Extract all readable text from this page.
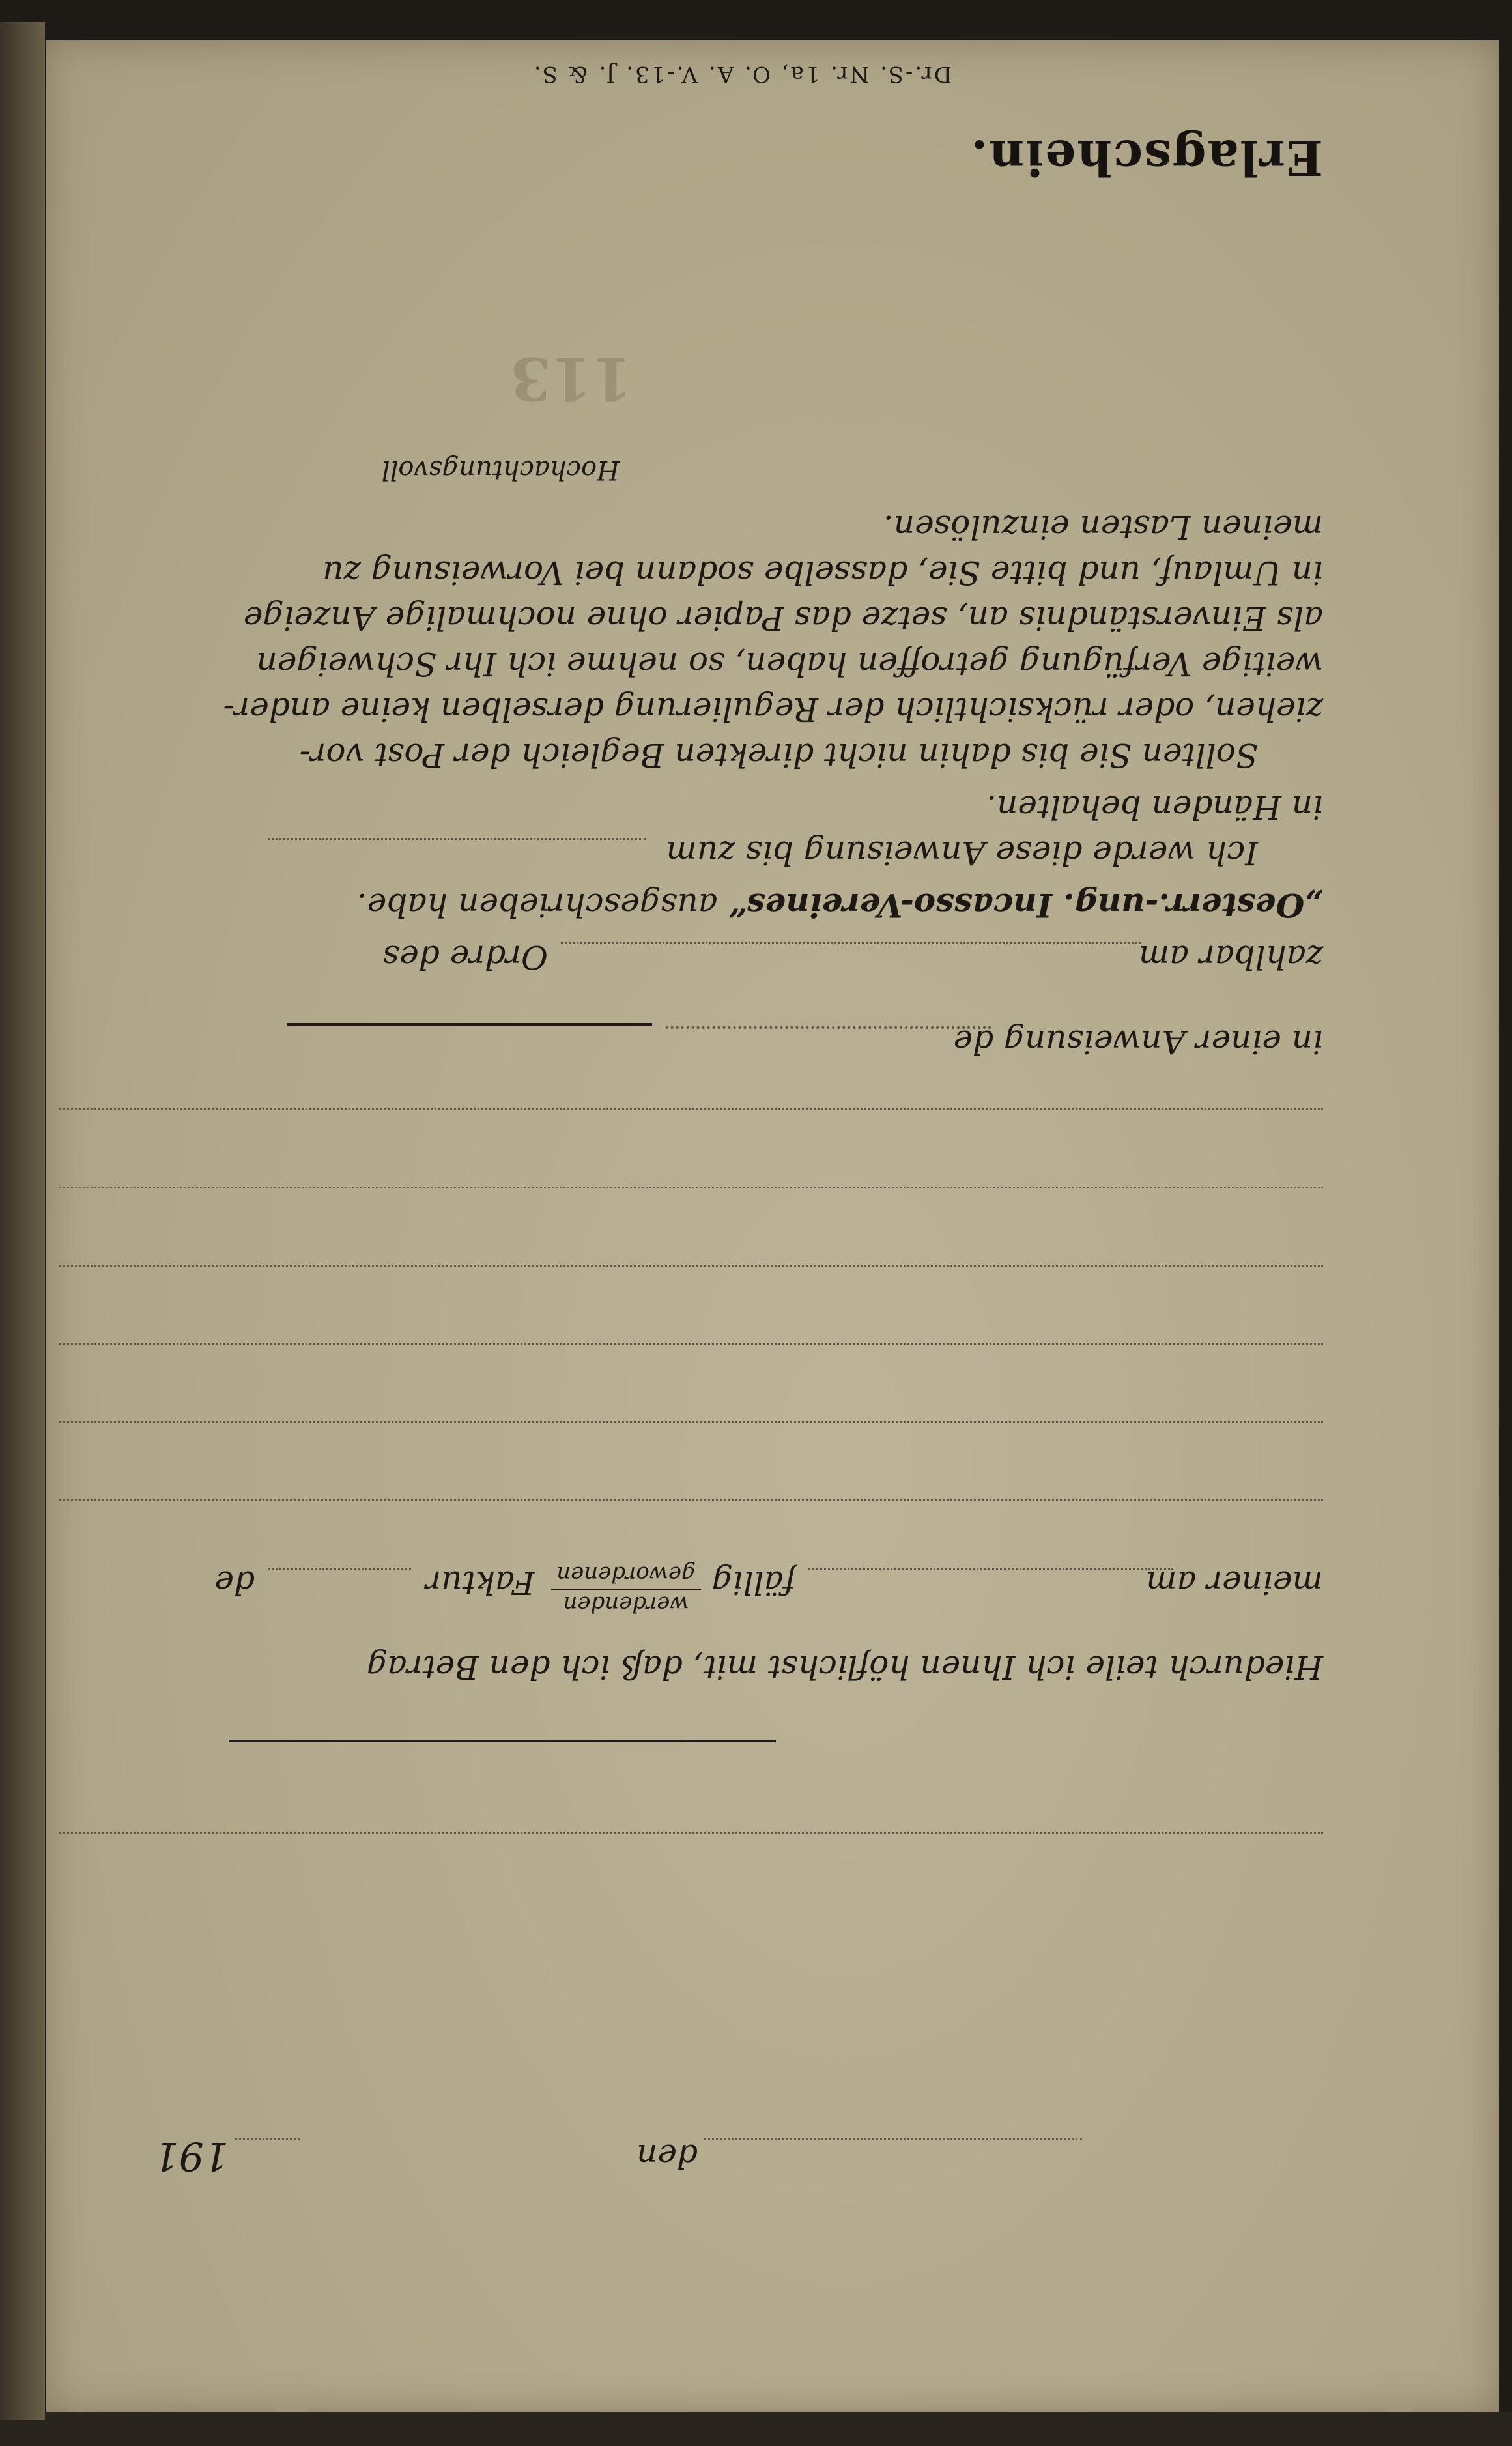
Dr.-S. Nr. 1a, O. A. V.-13. J. & S.
Erlagschein.
113
den
191
Hiedurch teile ich Ihnen höflichst mit, daß ich den Betrag
meiner am
fällig
werdenden
gewordenen
Faktur
de
in einer Anweisung de
zahlbar am
Ordre des
„Oesterr.-ung. Incasso-Vereines“ ausgeschrieben habe.
Ich werde diese Anweisung bis zum
in Händen behalten.
Sollten Sie bis dahin nicht direkten Begleich der Post vor-
ziehen, oder rücksichtlich der Regulierung derselben keine ander-
weitige Verfügung getroffen haben, so nehme ich Ihr Schweigen
als Einverständnis an, setze das Papier ohne nochmalige Anzeige
in Umlauf, und bitte Sie, dasselbe sodann bei Vorweisung zu
meinen Lasten einzulösen.
Hochachtungsvoll
